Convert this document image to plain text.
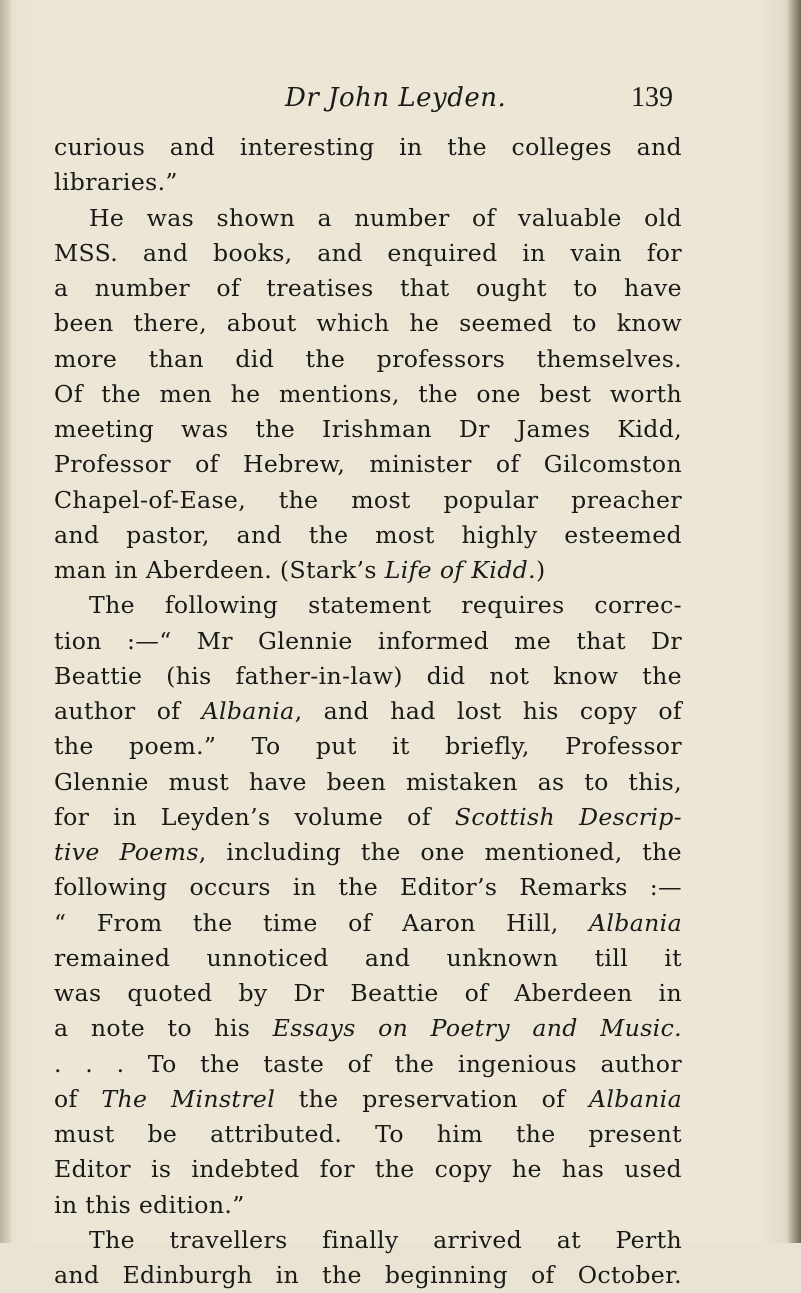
Dr John Leyden.	139
curious and interesting in the colleges and
libraries.”
He was shown a number of valuable old
MSS. and books, and enquired in vain for
a number of treatises that ought to have
been there, about which he seemed to know
more than did the professors themselves.
Of the men he mentions, the one best worth
meeting was the Irishman Dr James Kidd,
Professor of Hebrew, minister of Gilcomston
Chapel-of-Ease, the most popular preacher
and pastor, and the most highly esteemed
man in Aberdeen. (Stark’s Life of Kidd.)
The following statement requires correc-
tion :—“ Mr Glennie informed me that Dr
Beattie (his father-in-law) did not know the
author of Albania, and had lost his copy of
the poem.” To put it briefly, Professor
Glennie must have been mistaken as to this,
for in Leyden’s volume of Scottish Descrip-
tive Poems, including the one mentioned, the
following occurs in the Editor’s Remarks :—
“ From the time of Aaron Hill, Albania
remained unnoticed and unknown till it
was quoted by Dr Beattie of Aberdeen in
a note to his Essays on Poetry and Music.
. . . To the taste of the ingenious author
of The Minstrel the preservation of Albania
must be attributed. To him the present
Editor is indebted for the copy he has used
in this edition.”
The travellers finally arrived at Perth
and Edinburgh in the beginning of October.
